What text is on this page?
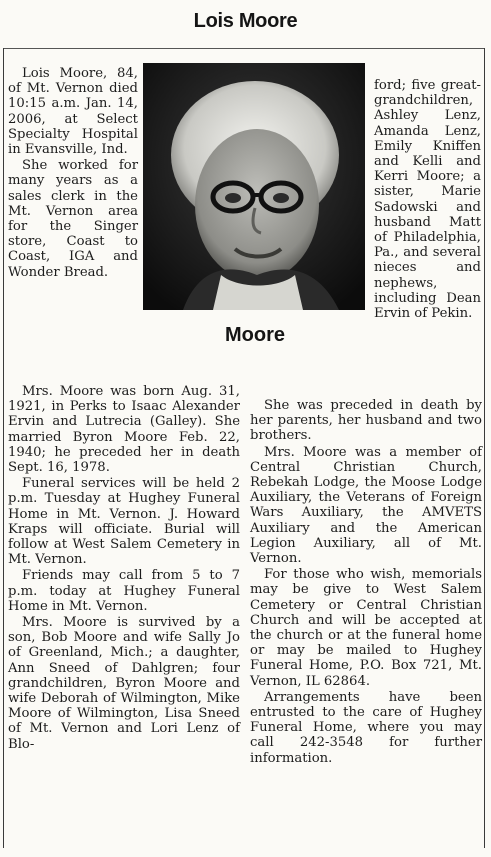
Lois Moore
Moore

Lois Moore, 84, of Mt. Vernon died 10:15 a.m. Jan. 14, 2006, at Select Specialty Hospital in Evansville, Ind.

She worked for many years as a sales clerk in the Mt. Vernon area for the Singer store, Coast to Coast, IGA and Wonder Bread.

ford; five great-grandchildren, Ashley Lenz, Amanda Lenz, Emily Kniffen and Kelli and Kerri Moore; a sister, Marie Sadowski and husband Matt of Philadelphia, Pa., and several nieces and nephews, including Dean Ervin of Pekin.

Mrs. Moore was born Aug. 31, 1921, in Perks to Isaac Alexander Ervin and Lutrecia (Galley). She married Byron Moore Feb. 22, 1940; he preceded her in death Sept. 16, 1978.

Funeral services will be held 2 p.m. Tuesday at Hughey Funeral Home in Mt. Vernon. J. Howard Kraps will officiate. Burial will follow at West Salem Cemetery in Mt. Vernon.

Friends may call from 5 to 7 p.m. today at Hughey Funeral Home in Mt. Vernon.

Mrs. Moore is survived by a son, Bob Moore and wife Sally Jo of Greenland, Mich.; a daughter, Ann Sneed of Dahlgren; four grandchildren, Byron Moore and wife Deborah of Wilmington, Mike Moore of Wilmington, Lisa Sneed of Mt. Vernon and Lori Lenz of Blo-

She was preceded in death by her parents, her husband and two brothers.

Mrs. Moore was a member of Central Christian Church, Rebekah Lodge, the Moose Lodge Auxiliary, the Veterans of Foreign Wars Auxiliary, the AMVETS Auxiliary and the American Legion Auxiliary, all of Mt. Vernon.

For those who wish, memorials may be give to West Salem Cemetery or Central Christian Church and will be accepted at the church or at the funeral home or may be mailed to Hughey Funeral Home, P.O. Box 721, Mt. Vernon, IL 62864.

Arrangements have been entrusted to the care of Hughey Funeral Home, where you may call 242-3548 for further information.
